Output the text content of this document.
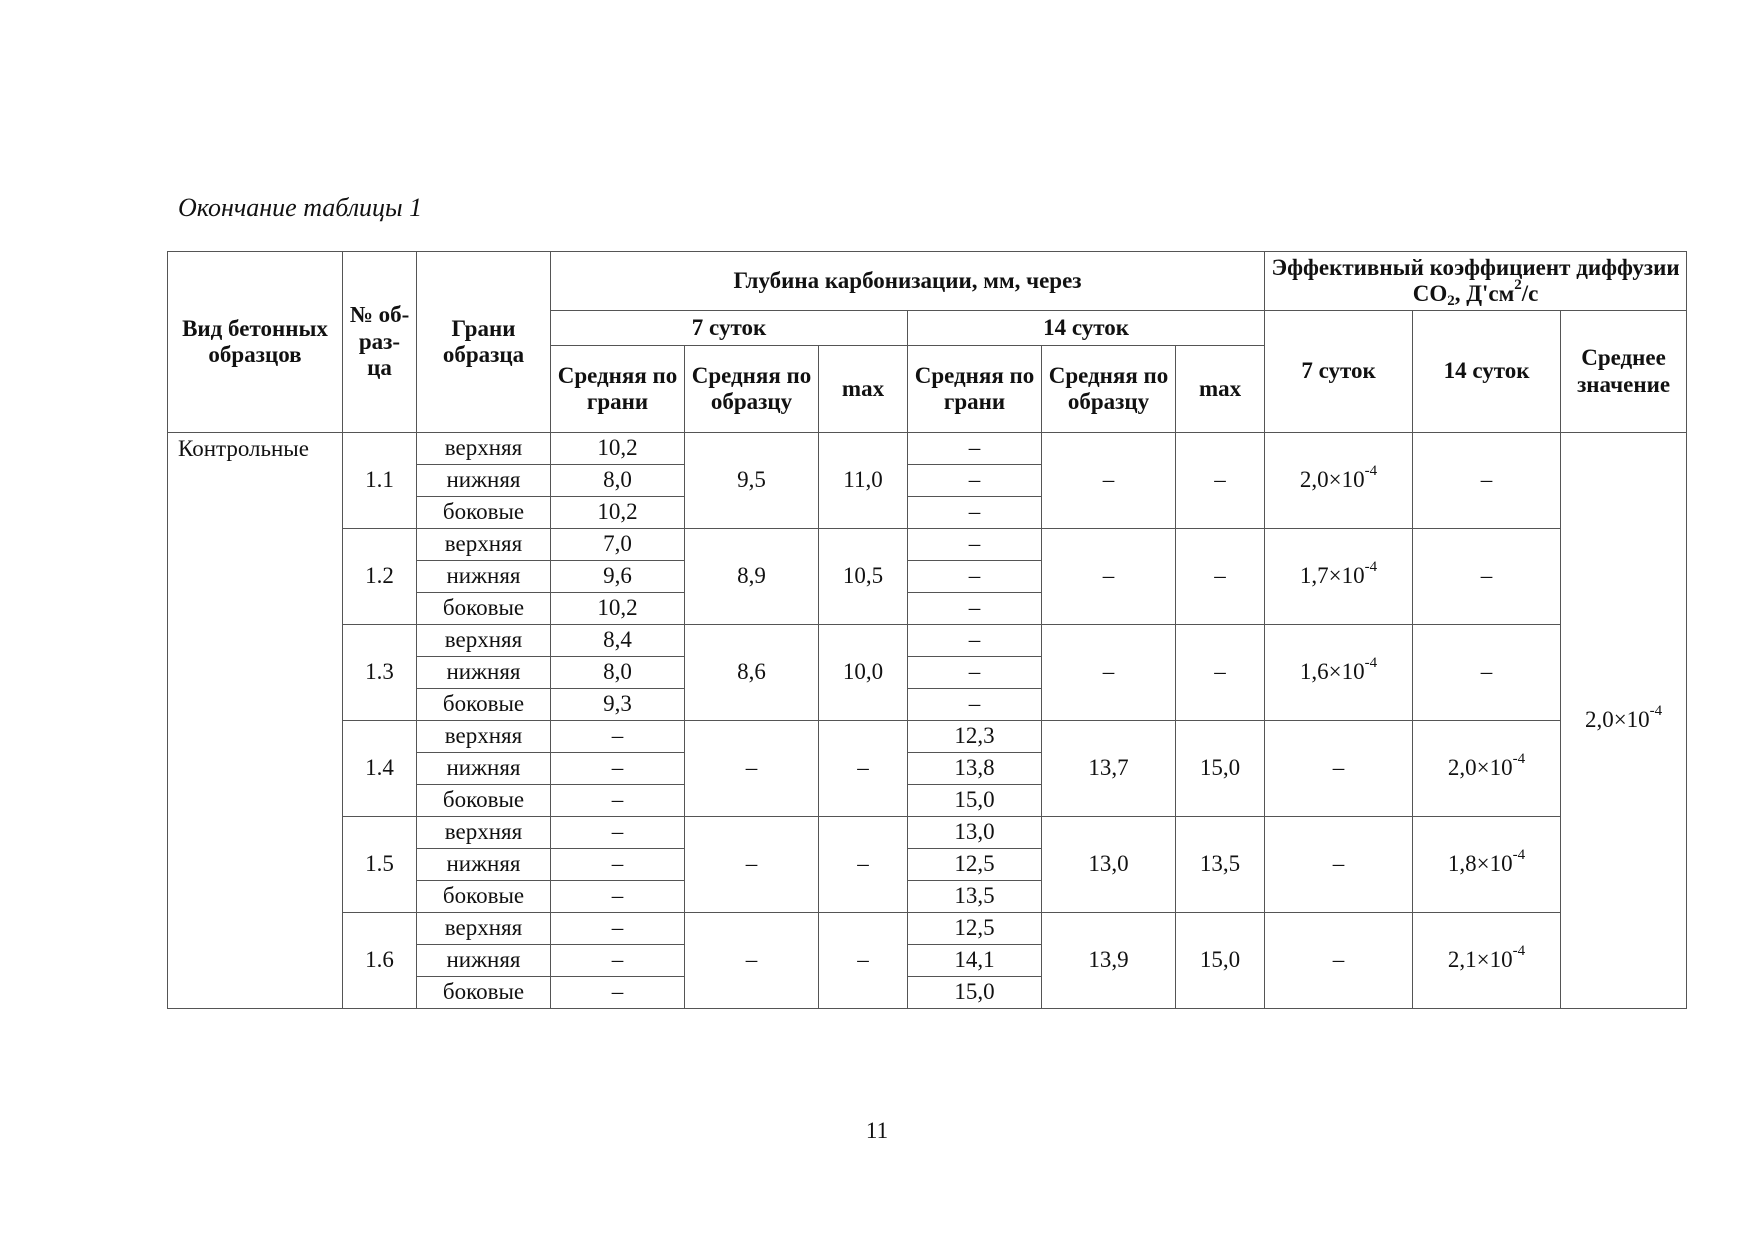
Окончание таблицы 1
Вид бетонных образцов	№ об-раз-ца	Грани образца	Глубина карбонизации, мм, через						Эффективный коэффициент диффузии $CO_2$, $Д'см^2/с$		
			7 суток			14 суток			7 суток	14 суток	Среднее значение
			Средняя по грани	Средняя по образцу	max	Средняя по грани	Средняя по образцу	max			
Контрольные	1.1	верхняя	10,2	9,5	11,0	–	–	–	$2,0\times 10^{-4}$	–	$2,0\times 10^{-4}$
		нижняя	8,0			–					
		боковые	10,2			–					
	1.2	верхняя	7,0	8,9	10,5	–	–	–	$1,7\times 10^{-4}$	–	
		нижняя	9,6			–					
		боковые	10,2			–					
	1.3	верхняя	8,4	8,6	10,0	–	–	–	$1,6\times 10^{-4}$	–	
		нижняя	8,0			–					
		боковые	9,3			–					
	1.4	верхняя	–	–	–	12,3	13,7	15,0	–	$2,0\times 10^{-4}$
		нижняя	–			13,8					
		боковые	–			15,0					
	1.5	верхняя	–	–	–	13,0	13,0	13,5	–	$1,8\times 10^{-4}$
		нижняя	–			12,5					
		боковые	–			13,5					
	1.6	верхняя	–	–	–	12,5	13,9	15,0	–	$2,1\times 10^{-4}$
		нижняя	–			14,1					
		боковые	–			15,0					
11
